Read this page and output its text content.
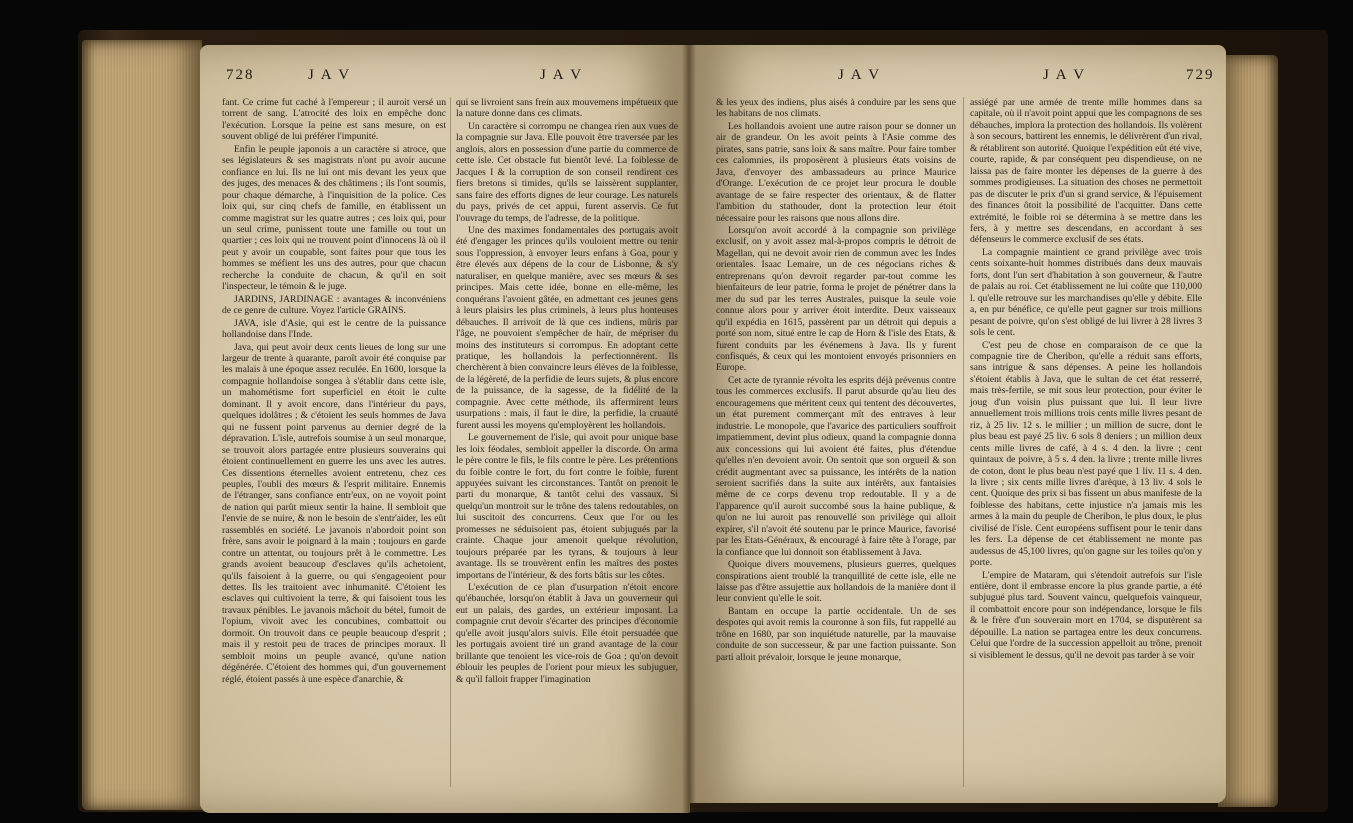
728	J A V	J A V

fant. Ce crime fut caché à l'empereur ; il auroit versé un torrent de sang. L'atrocité des loix en empêche donc l'exécution. Lorsque la peine est sans mesure, on est souvent obligé de lui préférer l'impunité.

Enfin le peuple japonois a un caractère si atroce, que ses législateurs & ses magistrats n'ont pu avoir aucune confiance en lui. Ils ne lui ont mis devant les yeux que des juges, des menaces & des châtimens ; ils l'ont soumis, pour chaque démarche, à l'inquisition de la police. Ces loix qui, sur cinq chefs de famille, en établissent un comme magistrat sur les quatre autres ; ces loix qui, pour un seul crime, punissent toute une famille ou tout un quartier ; ces loix qui ne trouvent point d'innocens là où il peut y avoir un coupable, sont faites pour que tous les hommes se méfient les uns des autres, pour que chacun recherche la conduite de chacun, & qu'il en soit l'inspecteur, le témoin & le juge.

JARDINS, JARDINAGE : avantages & inconvéniens de ce genre de culture. Voyez l'article GRAINS.

JAVA, isle d'Asie, qui est le centre de la puissance hollandoise dans l'Inde.

Java, qui peut avoir deux cents lieues de long sur une largeur de trente à quarante, paroît avoir été conquise par les malais à une époque assez reculée. En 1600, lorsque la compagnie hollandoise songea à s'établir dans cette isle, un mahométisme fort superficiel en étoit le culte dominant. Il y avoit encore, dans l'intérieur du pays, quelques idolâtres ; & c'étoient les seuls hommes de Java qui ne fussent point parvenus au dernier degré de la dépravation. L'isle, autrefois soumise à un seul monarque, se trouvoit alors partagée entre plusieurs souverains qui étoient continuellement en guerre les uns avec les autres. Ces dissentions éternelles avoient entretenu, chez ces peuples, l'oubli des mœurs & l'esprit militaire. Ennemis de l'étranger, sans confiance entr'eux, on ne voyoit point de nation qui parût mieux sentir la haine. Il sembloit que l'envie de se nuire, & non le besoin de s'entr'aider, les eût rassemblés en société. Le javanois n'abordoit point son frère, sans avoir le poignard à la main ; toujours en garde contre un attentat, ou toujours prêt à le commettre. Les grands avoient beaucoup d'esclaves qu'ils achetoient, qu'ils faisoient à la guerre, ou qui s'engageoient pour dettes. Ils les traitoient avec inhumanité. C'étoient les esclaves qui cultivoient la terre, & qui faisoient tous les travaux pénibles. Le javanois mâchoit du bétel, fumoit de l'opium, vivoit avec les concubines, combattoit ou dormoit. On trouvoit dans ce peuple beaucoup d'esprit ; mais il y restoit peu de traces de principes moraux. Il sembloit moins un peuple avancé, qu'une nation dégénérée. C'étoient des hommes qui, d'un gouvernement réglé, étoient passés à une espèce d'anarchie, &

qui se livroient sans frein aux mouvemens impétueux que la nature donne dans ces climats.

Un caractère si corrompu ne changea rien aux vues de la compagnie sur Java. Elle pouvoit être traversée par les anglois, alors en possession d'une partie du commerce de cette isle. Cet obstacle fut bientôt levé. La foiblesse de Jacques I & la corruption de son conseil rendirent ces fiers bretons si timides, qu'ils se laissèrent supplanter, sans faire des efforts dignes de leur courage. Les naturels du pays, privés de cet appui, furent asservis. Ce fut l'ouvrage du temps, de l'adresse, de la politique.

Une des maximes fondamentales des portugais avoit été d'engager les princes qu'ils vouloient mettre ou tenir sous l'oppression, à envoyer leurs enfans à Goa, pour y être élevés aux dépens de la cour de Lisbonne, & s'y naturaliser, en quelque manière, avec ses mœurs & ses principes. Mais cette idée, bonne en elle-même, les conquérans l'avoient gâtée, en admettant ces jeunes gens à leurs plaisirs les plus criminels, à leurs plus honteuses débauches. Il arrivoit de là que ces indiens, mûris par l'âge, ne pouvoient s'empêcher de haïr, de mépriser du moins des instituteurs si corrompus. En adoptant cette pratique, les hollandois la perfectionnèrent. Ils cherchèrent à bien convaincre leurs élèves de la foiblesse, de la légèreté, de la perfidie de leurs sujets, & plus encore de la puissance, de la sagesse, de la fidélité de la compagnie. Avec cette méthode, ils affermirent leurs usurpations : mais, il faut le dire, la perfidie, la cruauté furent aussi les moyens qu'employèrent les hollandois.

Le gouvernement de l'isle, qui avoit pour unique base les loix féodales, sembloit appeller la discorde. On arma le père contre le fils, le fils contre le père. Les prétentions du foible contre le fort, du fort contre le foible, furent appuyées suivant les circonstances. Tantôt on prenoit le parti du monarque, & tantôt celui des vassaux. Si quelqu'un montroit sur le trône des talens redoutables, on lui suscitoit des concurrens. Ceux que l'or ou les promesses ne séduisoient pas, étoient subjugués par la crainte. Chaque jour amenoit quelque révolution, toujours préparée par les tyrans, & toujours à leur avantage. Ils se trouvèrent enfin les maîtres des postes importans de l'intérieur, & des forts bâtis sur les côtes.

L'exécution de ce plan d'usurpation n'étoit encore qu'ébauchée, lorsqu'on établit à Java un gouverneur qui eut un palais, des gardes, un extérieur imposant. La compagnie crut devoir s'écarter des principes d'économie qu'elle avoit jusqu'alors suivis. Elle étoit persuadée que les portugais avoient tiré un grand avantage de la cour brillante que tenoient les vice-rois de Goa ; qu'on devoit éblouir les peuples de l'orient pour mieux les subjuguer, & qu'il falloit frapper l'imagination

J A V	J A V	729

& les yeux des indiens, plus aisés à conduire par les sens que les habitans de nos climats.

Les hollandois avoient une autre raison pour se donner un air de grandeur. On les avoit peints à l'Asie comme des pirates, sans patrie, sans loix & sans maître. Pour faire tomber ces calomnies, ils proposèrent à plusieurs états voisins de Java, d'envoyer des ambassadeurs au prince Maurice d'Orange. L'exécution de ce projet leur procura le double avantage de se faire respecter des orientaux, & de flatter l'ambition du stathouder, dont la protection leur étoit nécessaire pour les raisons que nous allons dire.

Lorsqu'on avoit accordé à la compagnie son privilège exclusif, on y avoit assez mal-à-propos compris le détroit de Magellan, qui ne devoit avoir rien de commun avec les Indes orientales. Isaac Lemaire, un de ces négocians riches & entreprenans qu'on devroit regarder par-tout comme les bienfaiteurs de leur patrie, forma le projet de pénétrer dans la mer du sud par les terres Australes, puisque la seule voie connue alors pour y arriver étoit interdite. Deux vaisseaux qu'il expédia en 1615, passèrent par un détroit qui depuis a porté son nom, situé entre le cap de Horn & l'isle des Etats, & furent conduits par les événemens à Java. Ils y furent confisqués, & ceux qui les montoient envoyés prisonniers en Europe.

Cet acte de tyrannie révolta les esprits déjà prévenus contre tous les commerces exclusifs. Il parut absurde qu'au lieu des encouragemens que méritent ceux qui tentent des découvertes, un état purement commerçant mît des entraves à leur industrie. Le monopole, que l'avarice des particuliers souffroit impatiemment, devint plus odieux, quand la compagnie donna aux concessions qui lui avoient été faites, plus d'étendue qu'elles n'en devoient avoir. On sentoit que son orgueil & son crédit augmentant avec sa puissance, les intérêts de la nation seroient sacrifiés dans la suite aux intérêts, aux fantaisies même de ce corps devenu trop redoutable. Il y a de l'apparence qu'il auroit succombé sous la haine publique, & qu'on ne lui auroit pas renouvellé son privilège qui alloit expirer, s'il n'avoit été soutenu par le prince Maurice, favorisé par les Etats-Généraux, & encouragé à faire tête à l'orage, par la confiance que lui donnoit son établissement à Java.

Quoique divers mouvemens, plusieurs guerres, quelques conspirations aient troublé la tranquillité de cette isle, elle ne laisse pas d'être assujettie aux hollandois de la manière dont il leur convient qu'elle le soit.

Bantam en occupe la partie occidentale. Un de ses despotes qui avoit remis la couronne à son fils, fut rappellé au trône en 1680, par son inquiétude naturelle, par la mauvaise conduite de son successeur, & par une faction puissante. Son parti alloit prévaloir, lorsque le jeune monarque,

assiégé par une armée de trente mille hommes dans sa capitale, où il n'avoit point appui que les compagnons de ses débauches, implora la protection des hollandois. Ils volèrent à son secours, battirent les ennemis, le délivrèrent d'un rival, & rétablirent son autorité. Quoique l'expédition eût été vive, courte, rapide, & par conséquent peu dispendieuse, on ne laissa pas de faire monter les dépenses de la guerre à des sommes prodigieuses. La situation des choses ne permettoit pas de discuter le prix d'un si grand service, & l'épuisement des finances ôtoit la possibilité de l'acquitter. Dans cette extrémité, le foible roi se détermina à se mettre dans les fers, à y mettre ses descendans, en accordant à ses défenseurs le commerce exclusif de ses états.

La compagnie maintient ce grand privilège avec trois cents soixante-huit hommes distribués dans deux mauvais forts, dont l'un sert d'habitation à son gouverneur, & l'autre de palais au roi. Cet établissement ne lui coûte que 110,000 l. qu'elle retrouve sur les marchandises qu'elle y débite. Elle a, en pur bénéfice, ce qu'elle peut gagner sur trois millions pesant de poivre, qu'on s'est obligé de lui livrer à 28 livres 3 sols le cent.

C'est peu de chose en comparaison de ce que la compagnie tire de Cheribon, qu'elle a réduit sans efforts, sans intrigue & sans dépenses. A peine les hollandois s'étoient établis à Java, que le sultan de cet état resserré, mais très-fertile, se mit sous leur protection, pour éviter le joug d'un voisin plus puissant que lui. Il leur livre annuellement trois millions trois cents mille livres pesant de riz, à 25 liv. 12 s. le millier ; un million de sucre, dont le plus beau est payé 25 liv. 6 sols 8 deniers ; un million deux cents mille livres de café, à 4 s. 4 den. la livre ; cent quintaux de poivre, à 5 s. 4 den. la livre ; trente mille livres de coton, dont le plus beau n'est payé que 1 liv. 11 s. 4 den. la livre ; six cents mille livres d'arèque, à 13 liv. 4 sols le cent. Quoique des prix si bas fissent un abus manifeste de la foiblesse des habitans, cette injustice n'a jamais mis les armes à la main du peuple de Cheribon, le plus doux, le plus civilisé de l'isle. Cent européens suffisent pour le tenir dans les fers. La dépense de cet établissement ne monte pas audessus de 45,100 livres, qu'on gagne sur les toiles qu'on y porte.

L'empire de Mataram, qui s'étendoit autrefois sur l'isle entière, dont il embrasse encore la plus grande partie, a été subjugué plus tard. Souvent vaincu, quelquefois vainqueur, il combattoit encore pour son indépendance, lorsque le fils & le frère d'un souverain mort en 1704, se disputèrent sa dépouille. La nation se partagea entre les deux concurrens. Celui que l'ordre de la succession appelloit au trône, prenoit si visiblement le dessus, qu'il ne devoit pas tarder à se voir
